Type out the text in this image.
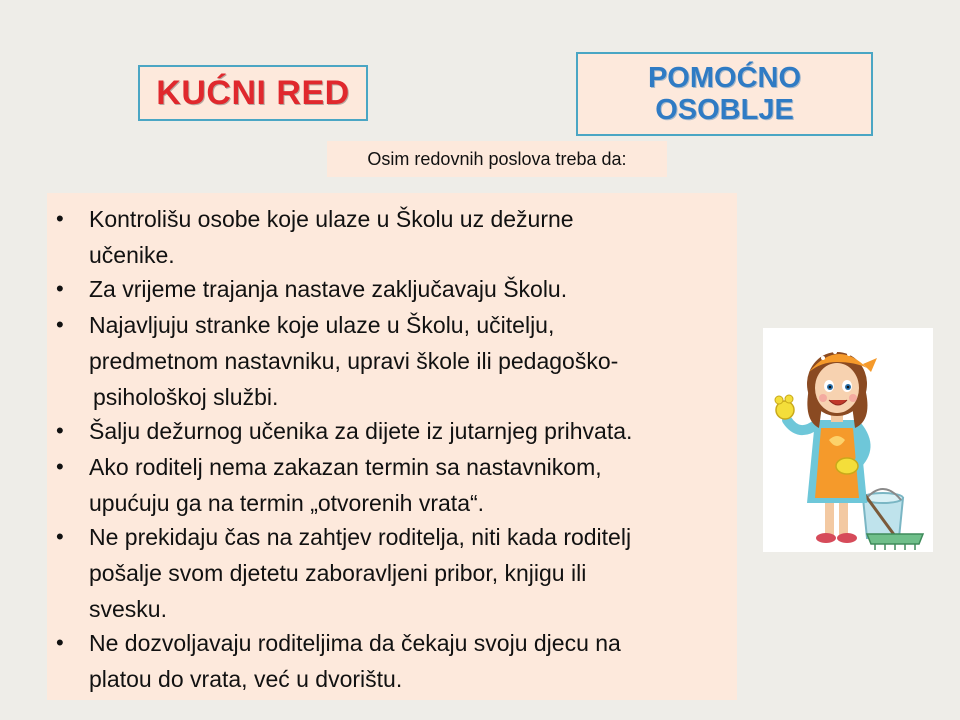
KUĆNI RED	POMOĆNO
OSOBLJE
Osim redovnih poslova treba da:
•	Kontrolišu osobe koje ulaze u Školu uz dežurne
učenike.
•	Za vrijeme trajanja nastave zaključavaju Školu.
•	Najavljuju stranke koje ulaze u Školu, učitelju,
predmetnom nastavniku, upravi škole ili pedagoško-
psihološkoj službi.
•	Šalju dežurnog učenika za dijete iz jutarnjeg prihvata.
•	Ako roditelj nema zakazan termin sa nastavnikom,
upućuju ga na termin „otvorenih vrata“.
•	Ne prekidaju čas na zahtjev roditelja, niti kada roditelj
pošalje svom djetetu zaboravljeni pribor, knjigu ili
svesku.
•	Ne dozvoljavaju roditeljima da čekaju svoju djecu na
platou do vrata, već u dvorištu.
